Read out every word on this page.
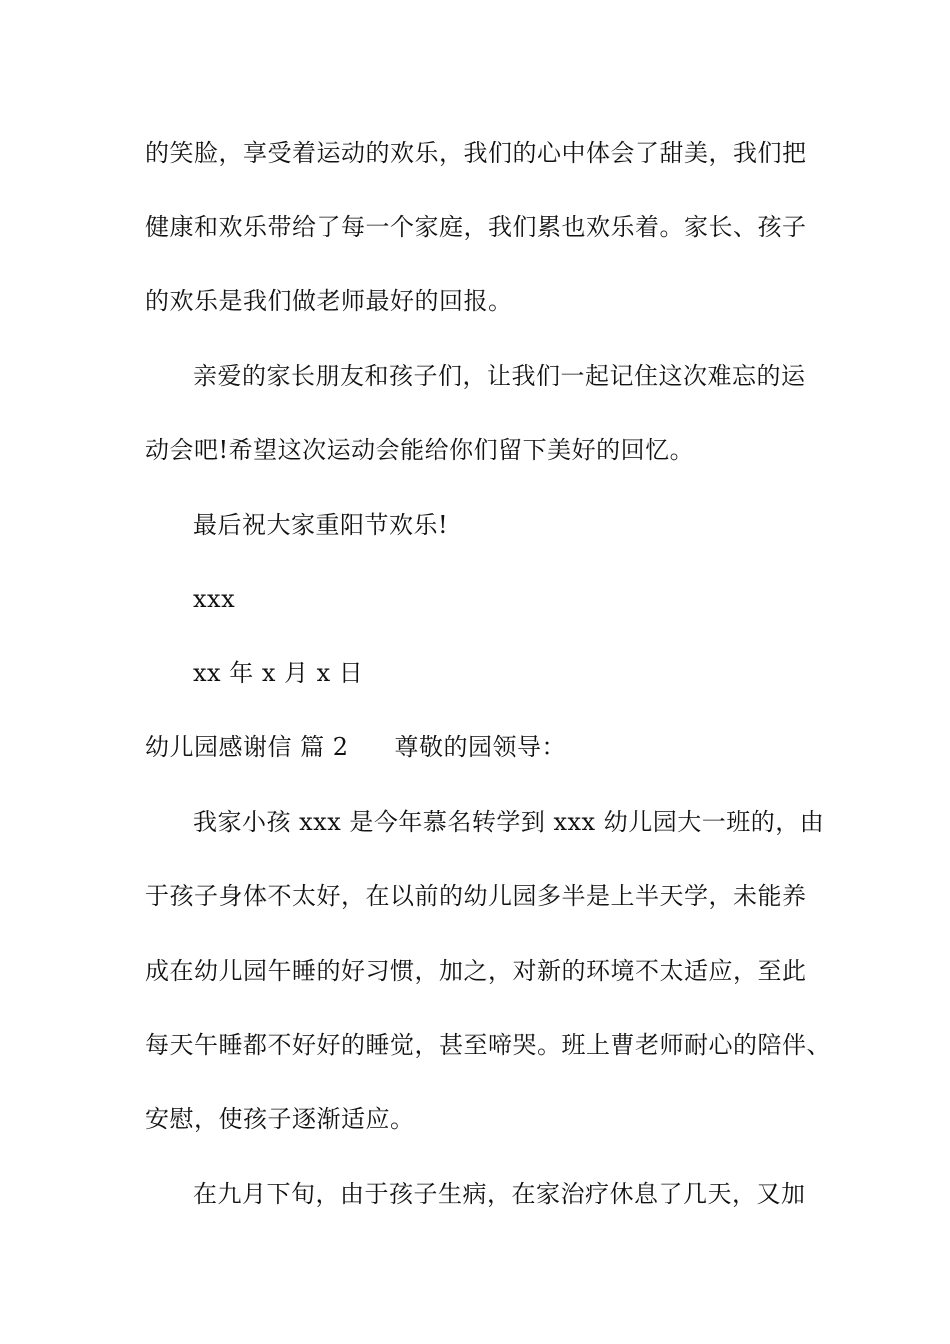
的笑脸，享受着运动的欢乐，我们的心中体会了甜美，我们把
健康和欢乐带给了每一个家庭，我们累也欢乐着。家长、孩子
的欢乐是我们做老师最好的回报。
亲爱的家长朋友和孩子们，让我们一起记住这次难忘的运
动会吧!希望这次运动会能给你们留下美好的回忆。
最后祝大家重阳节欢乐!
xxx
xx 年 x 月 x 日
幼儿园感谢信 篇 2 尊敬的园领导：
我家小孩 xxx 是今年慕名转学到 xxx 幼儿园大一班的，由
于孩子身体不太好，在以前的幼儿园多半是上半天学，未能养
成在幼儿园午睡的好习惯，加之，对新的环境不太适应，至此
每天午睡都不好好的睡觉，甚至啼哭。班上曹老师耐心的陪伴、
安慰，使孩子逐渐适应。
在九月下旬，由于孩子生病，在家治疗休息了几天，又加
